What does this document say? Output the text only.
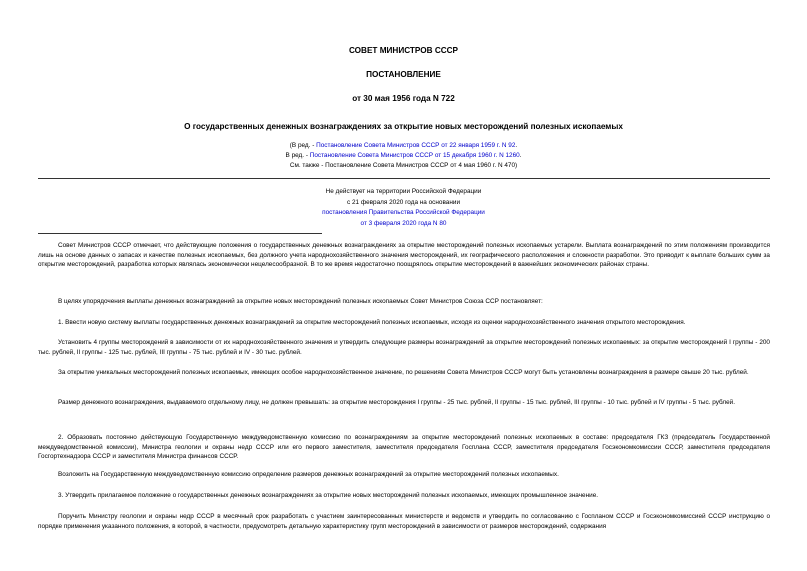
СОВЕТ МИНИСТРОВ СССР
ПОСТАНОВЛЕНИЕ
от 30 мая 1956 года N 722
О государственных денежных вознаграждениях за открытие новых месторождений полезных ископаемых
(В ред. - Постановление Совета Министров СССР от 22 января 1959 г. N 92.
В ред. - Постановление Совета Министров СССР от 15 декабря 1960 г. N 1260.
См. также - Постановление Совета Министров СССР от 4 мая 1960 г. N 470)
Не действует на территории Российской Федерации
с 21 февраля 2020 года на основании
постановления Правительства Российской Федерации
от 3 февраля 2020 года N 80
Совет Министров СССР отмечает, что действующие положения о государственных денежных вознаграждениях за открытие месторождений полезных ископаемых устарели. Выплата вознаграждений по этим положениям производится лишь на основе данных о запасах и качестве полезных ископаемых, без должного учета народнохозяйственного значения месторождений, их географического расположения и сложности разработки. Это приводит к выплате больших сумм за открытие месторождений, разработка которых являлась экономически нецелесообразной. В то же время недостаточно поощрялось открытие месторождений в важнейших экономических районах страны.
В целях упорядочения выплаты денежных вознаграждений за открытие новых месторождений полезных ископаемых Совет Министров Союза ССР постановляет:
1. Ввести новую систему выплаты государственных денежных вознаграждений за открытие месторождений полезных ископаемых, исходя из оценки народнохозяйственного значения открытого месторождения.
Установить 4 группы месторождений в зависимости от их народнохозяйственного значения и утвердить следующие размеры вознаграждений за открытие месторождений полезных ископаемых: за открытие месторождений I группы - 200 тыс. рублей, II группы - 125 тыс. рублей, III группы - 75 тыс. рублей и IV - 30 тыс. рублей.
За открытие уникальных месторождений полезных ископаемых, имеющих особое народнохозяйственное значение, по решениям Совета Министров СССР могут быть установлены вознаграждения в размере свыше 20 тыс. рублей.
Размер денежного вознаграждения, выдаваемого отдельному лицу, не должен превышать: за открытие месторождения I группы - 25 тыс. рублей, II группы - 15 тыс. рублей, III группы - 10 тыс. рублей и IV группы - 5 тыс. рублей.
2. Образовать постоянно действующую Государственную междуведомственную комиссию по вознаграждениям за открытие месторождений полезных ископаемых в составе: председателя ГКЗ (председатель Государственной междуведомственной комиссии), Министра геологии и охраны недр СССР или его первого заместителя, заместителя председателя Госплана СССР, заместителя председателя Госэкономкомиссии СССР, заместителя председателя Госгортехнадзора СССР и заместителя Министра финансов СССР.
Возложить на Государственную междуведомственную комиссию определение размеров денежных вознаграждений за открытие месторождений полезных ископаемых.
3. Утвердить прилагаемое положение о государственных денежных вознаграждениях за открытие новых месторождений полезных ископаемых, имеющих промышленное значение.
Поручить Министру геологии и охраны недр СССР в месячный срок разработать с участием заинтересованных министерств и ведомств и утвердить по согласованию с Госпланом СССР и Госэкономкомиссией СССР инструкцию о порядке применения указанного положения, в которой, в частности, предусмотреть детальную характеристику групп месторождений в зависимости от размеров месторождений, содержания
